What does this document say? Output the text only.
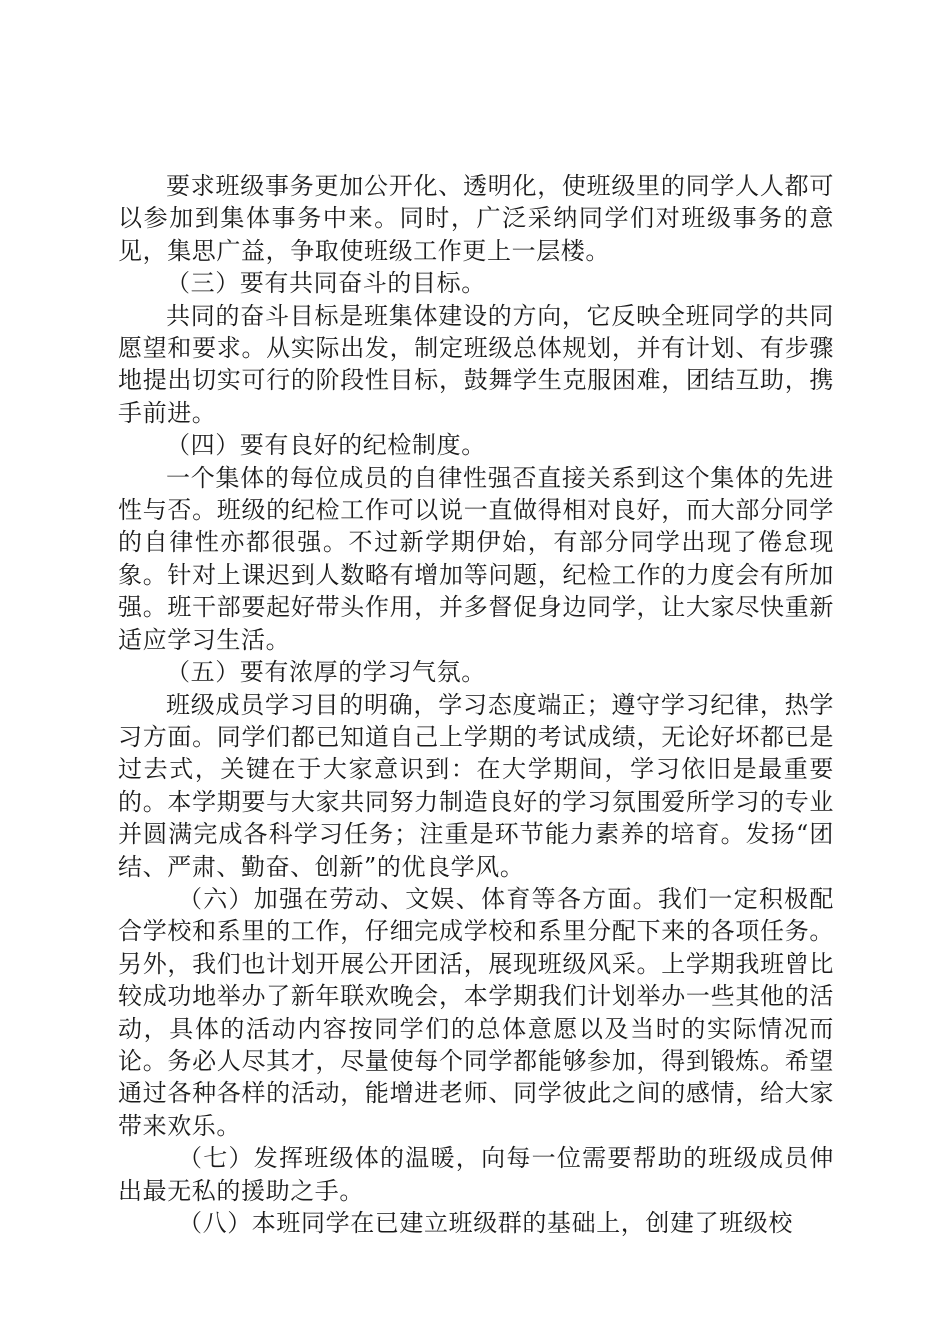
要求班级事务更加公开化、透明化，使班级里的同学人人都可以参加到集体事务中来。同时，广泛采纳同学们对班级事务的意见，集思广益，争取使班级工作更上一层楼。

（三）要有共同奋斗的目标。

共同的奋斗目标是班集体建设的方向，它反映全班同学的共同愿望和要求。从实际出发，制定班级总体规划，并有计划、有步骤地提出切实可行的阶段性目标，鼓舞学生克服困难，团结互助，携手前进。

（四）要有良好的纪检制度。

一个集体的每位成员的自律性强否直接关系到这个集体的先进性与否。班级的纪检工作可以说一直做得相对良好，而大部分同学的自律性亦都很强。不过新学期伊始，有部分同学出现了倦怠现象。针对上课迟到人数略有增加等问题，纪检工作的力度会有所加强。班干部要起好带头作用，并多督促身边同学，让大家尽快重新适应学习生活。

（五）要有浓厚的学习气氛。

班级成员学习目的明确，学习态度端正；遵守学习纪律，热学习方面。同学们都已知道自己上学期的考试成绩，无论好坏都已是过去式，关键在于大家意识到：在大学期间，学习依旧是最重要的。本学期要与大家共同努力制造良好的学习氛围爱所学习的专业并圆满完成各科学习任务；注重是环节能力素养的培育。发扬“团结、严肃、勤奋、创新”的优良学风。

（六）加强在劳动、文娱、体育等各方面。我们一定积极配合学校和系里的工作，仔细完成学校和系里分配下来的各项任务。另外，我们也计划开展公开团活，展现班级风采。上学期我班曾比较成功地举办了新年联欢晚会，本学期我们计划举办一些其他的活动，具体的活动内容按同学们的总体意愿以及当时的实际情况而论。务必人尽其才，尽量使每个同学都能够参加，得到锻炼。希望通过各种各样的活动，能增进老师、同学彼此之间的感情，给大家带来欢乐。

（七）发挥班级体的温暖，向每一位需要帮助的班级成员伸出最无私的援助之手。

（八）本班同学在已建立班级群的基础上，创建了班级校
